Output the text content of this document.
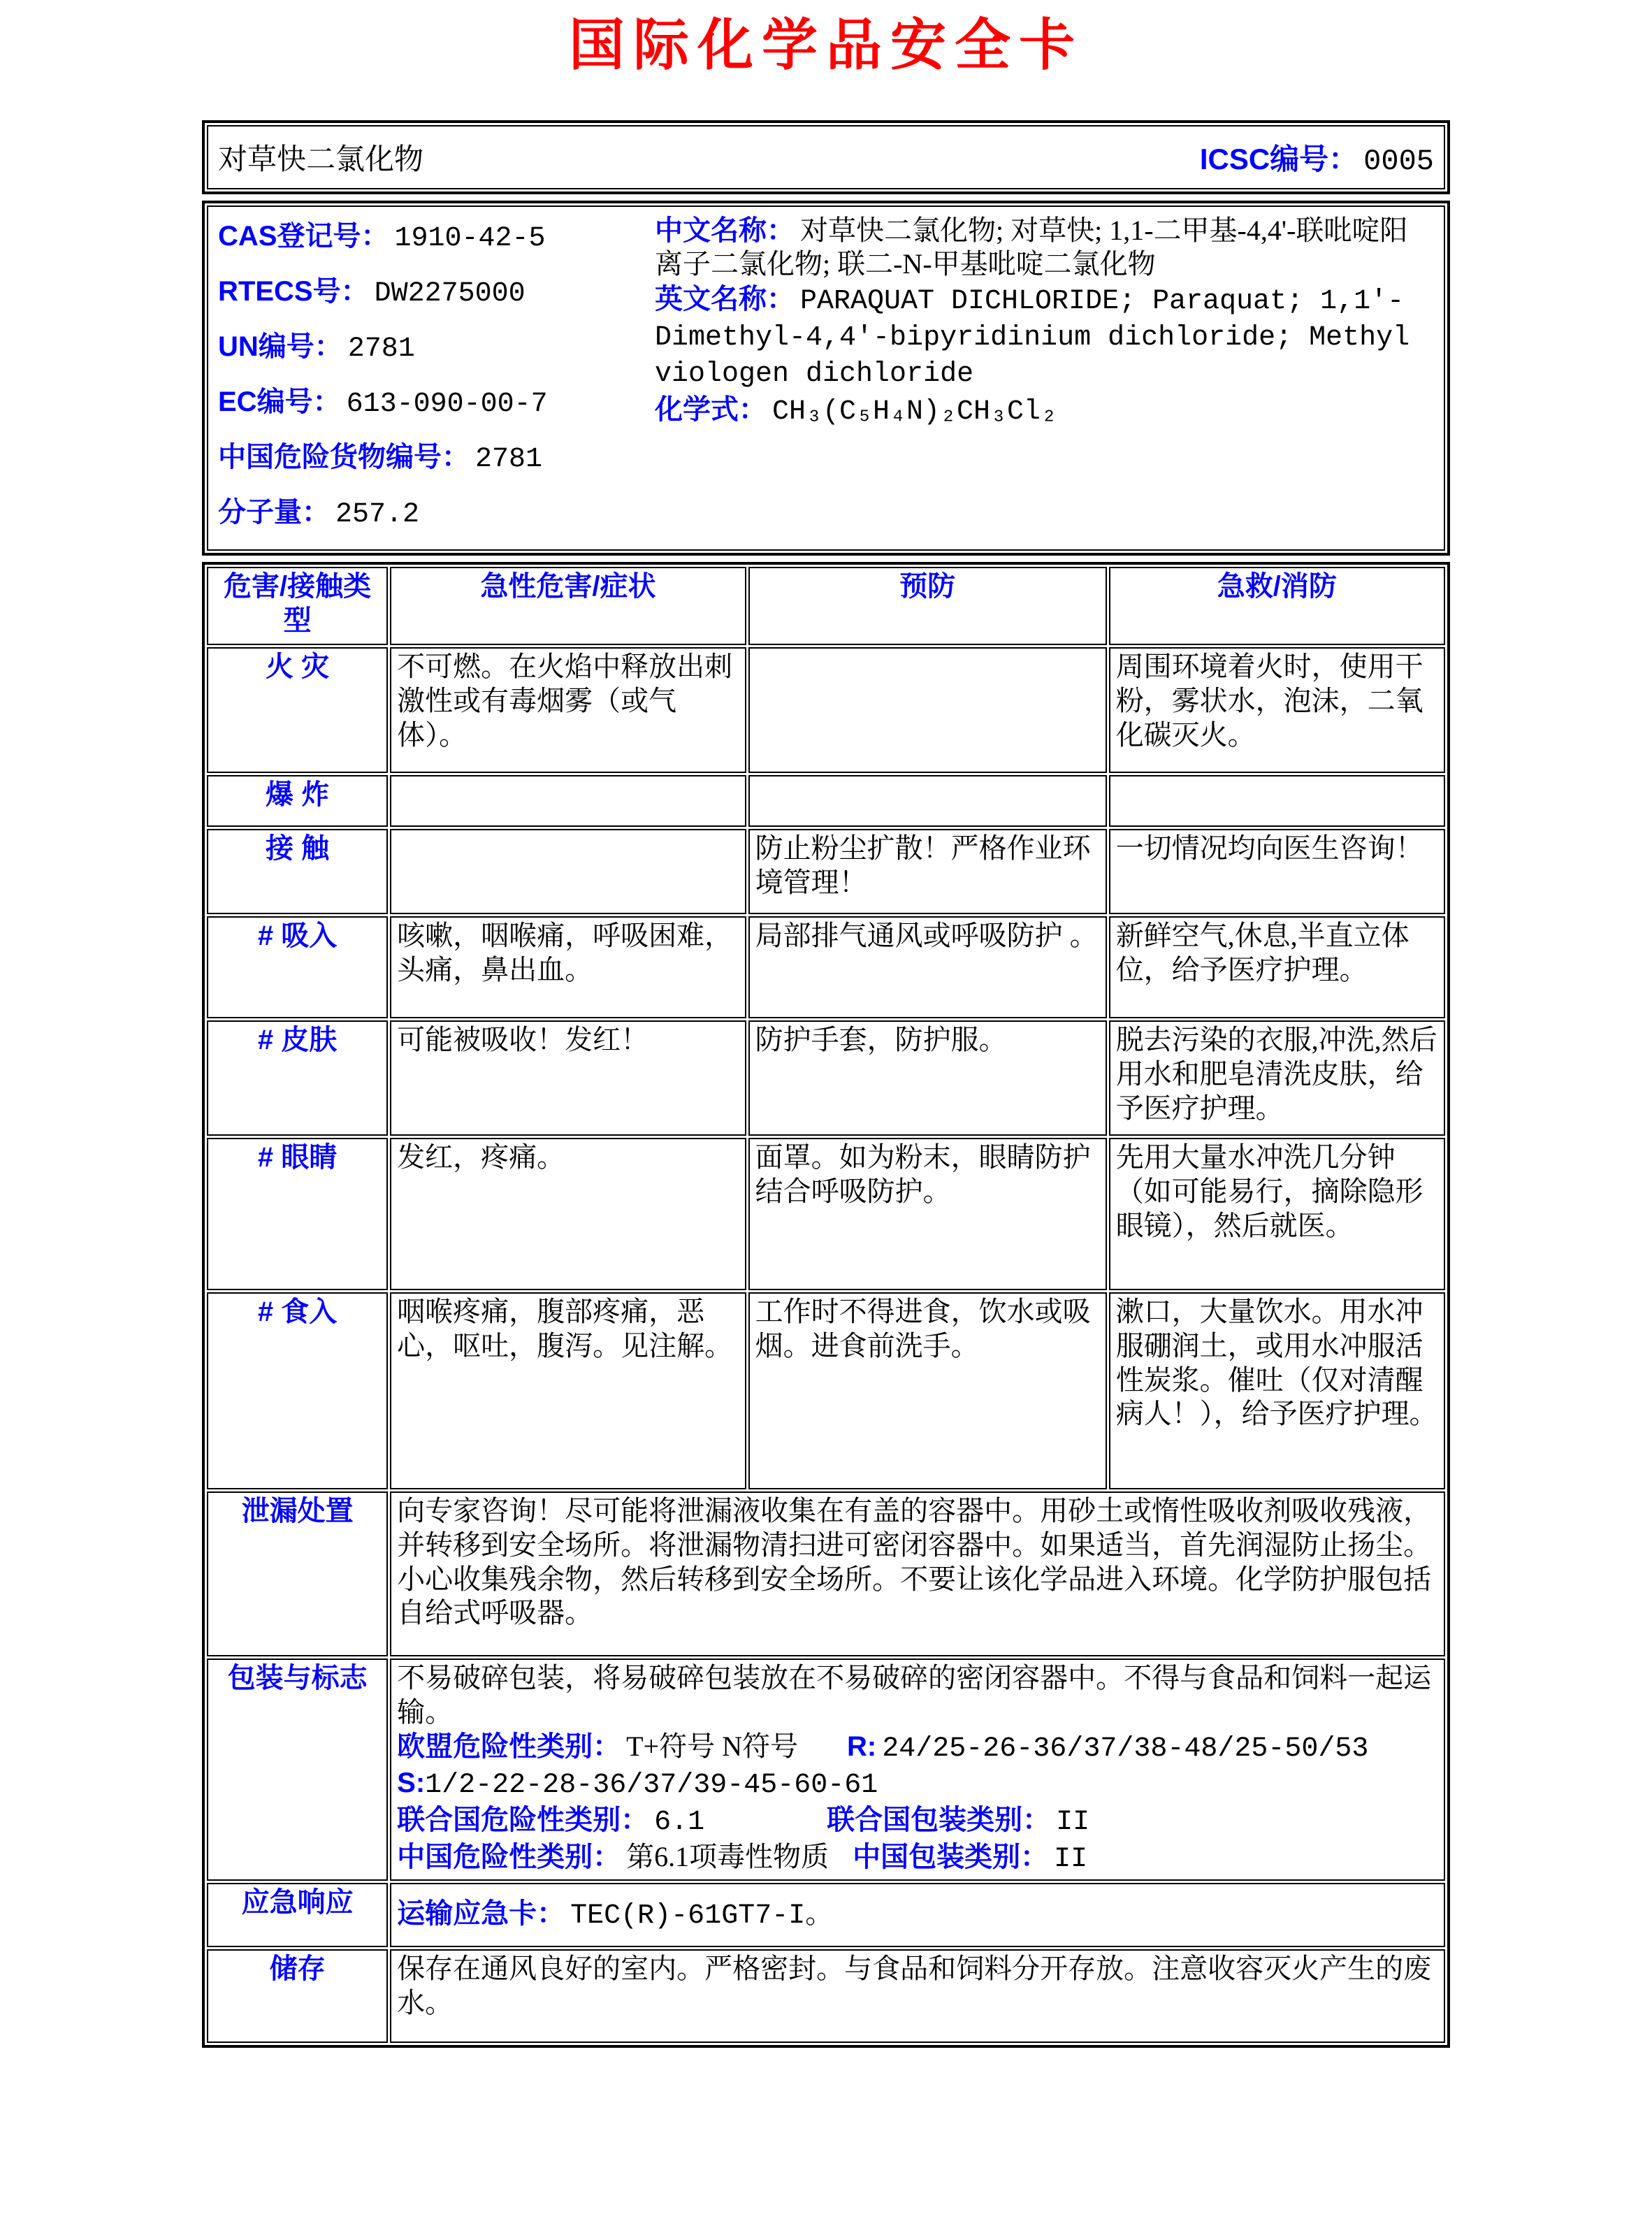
国际化学品安全卡
对草快二氯化物	ICSC编号： 0005
CAS登记号： 1910-42-5
RTECS号： DW2275000
UN编号： 2781
EC编号： 613-090-00-7
中国危险货物编号： 2781
分子量： 257.2
中文名称： 对草快二氯化物; 对草快; 1,1-二甲基-4,4'-联吡啶阳离子二氯化物; 联二-N-甲基吡啶二氯化物
英文名称： PARAQUAT DICHLORIDE; Paraquat; 1,1'-Dimethyl-4,4'-bipyridinium dichloride; Methyl viologen dichloride
化学式： CH₃(C₅H₄N)₂CH₃Cl₂
危害/接触类型	急性危害/症状	预防	急救/消防
火 灾	不可燃。在火焰中释放出刺激性或有毒烟雾（或气体）。		周围环境着火时，使用干粉，雾状水，泡沫，二氧化碳灭火。
爆 炸			
接 触		防止粉尘扩散！严格作业环境管理！	一切情况均向医生咨询！
# 吸入	咳嗽，咽喉痛，呼吸困难，头痛，鼻出血。	局部排气通风或呼吸防护 。	新鲜空气,休息,半直立体位，给予医疗护理。
# 皮肤	可能被吸收！发红！	防护手套，防护服。	脱去污染的衣服,冲洗,然后用水和肥皂清洗皮肤，给予医疗护理。
# 眼睛	发红，疼痛。	面罩。如为粉末，眼睛防护结合呼吸防护。	先用大量水冲洗几分钟（如可能易行，摘除隐形眼镜），然后就医。
# 食入	咽喉疼痛，腹部疼痛，恶心，呕吐，腹泻。见注解。	工作时不得进食，饮水或吸烟。进食前洗手。	漱口，大量饮水。用水冲服硼润土，或用水冲服活性炭浆。催吐（仅对清醒病人！），给予医疗护理。
泄漏处置	向专家咨询！尽可能将泄漏液收集在有盖的容器中。用砂土或惰性吸收剂吸收残液，并转移到安全场所。将泄漏物清扫进可密闭容器中。如果适当，首先润湿防止扬尘。小心收集残余物，然后转移到安全场所。不要让该化学品进入环境。化学防护服包括自给式呼吸器。		
包装与标志	不易破碎包装，将易破碎包装放在不易破碎的密闭容器中。不得与食品和饲料一起运输。
欧盟危险性类别： T+符号 N符号 R: 24/25-26-36/37/38-48/25-50/53
S:1/2-22-28-36/37/39-45-60-61
联合国危险性类别： 6.1 联合国包装类别： II
中国危险性类别： 第6.1项毒性物质 中国包装类别： II		

应急响应	运输应急卡： TEC(R)-61GT7-I。		
储存	保存在通风良好的室内。严格密封。与食品和饲料分开存放。注意收容灭火产生的废水。		
